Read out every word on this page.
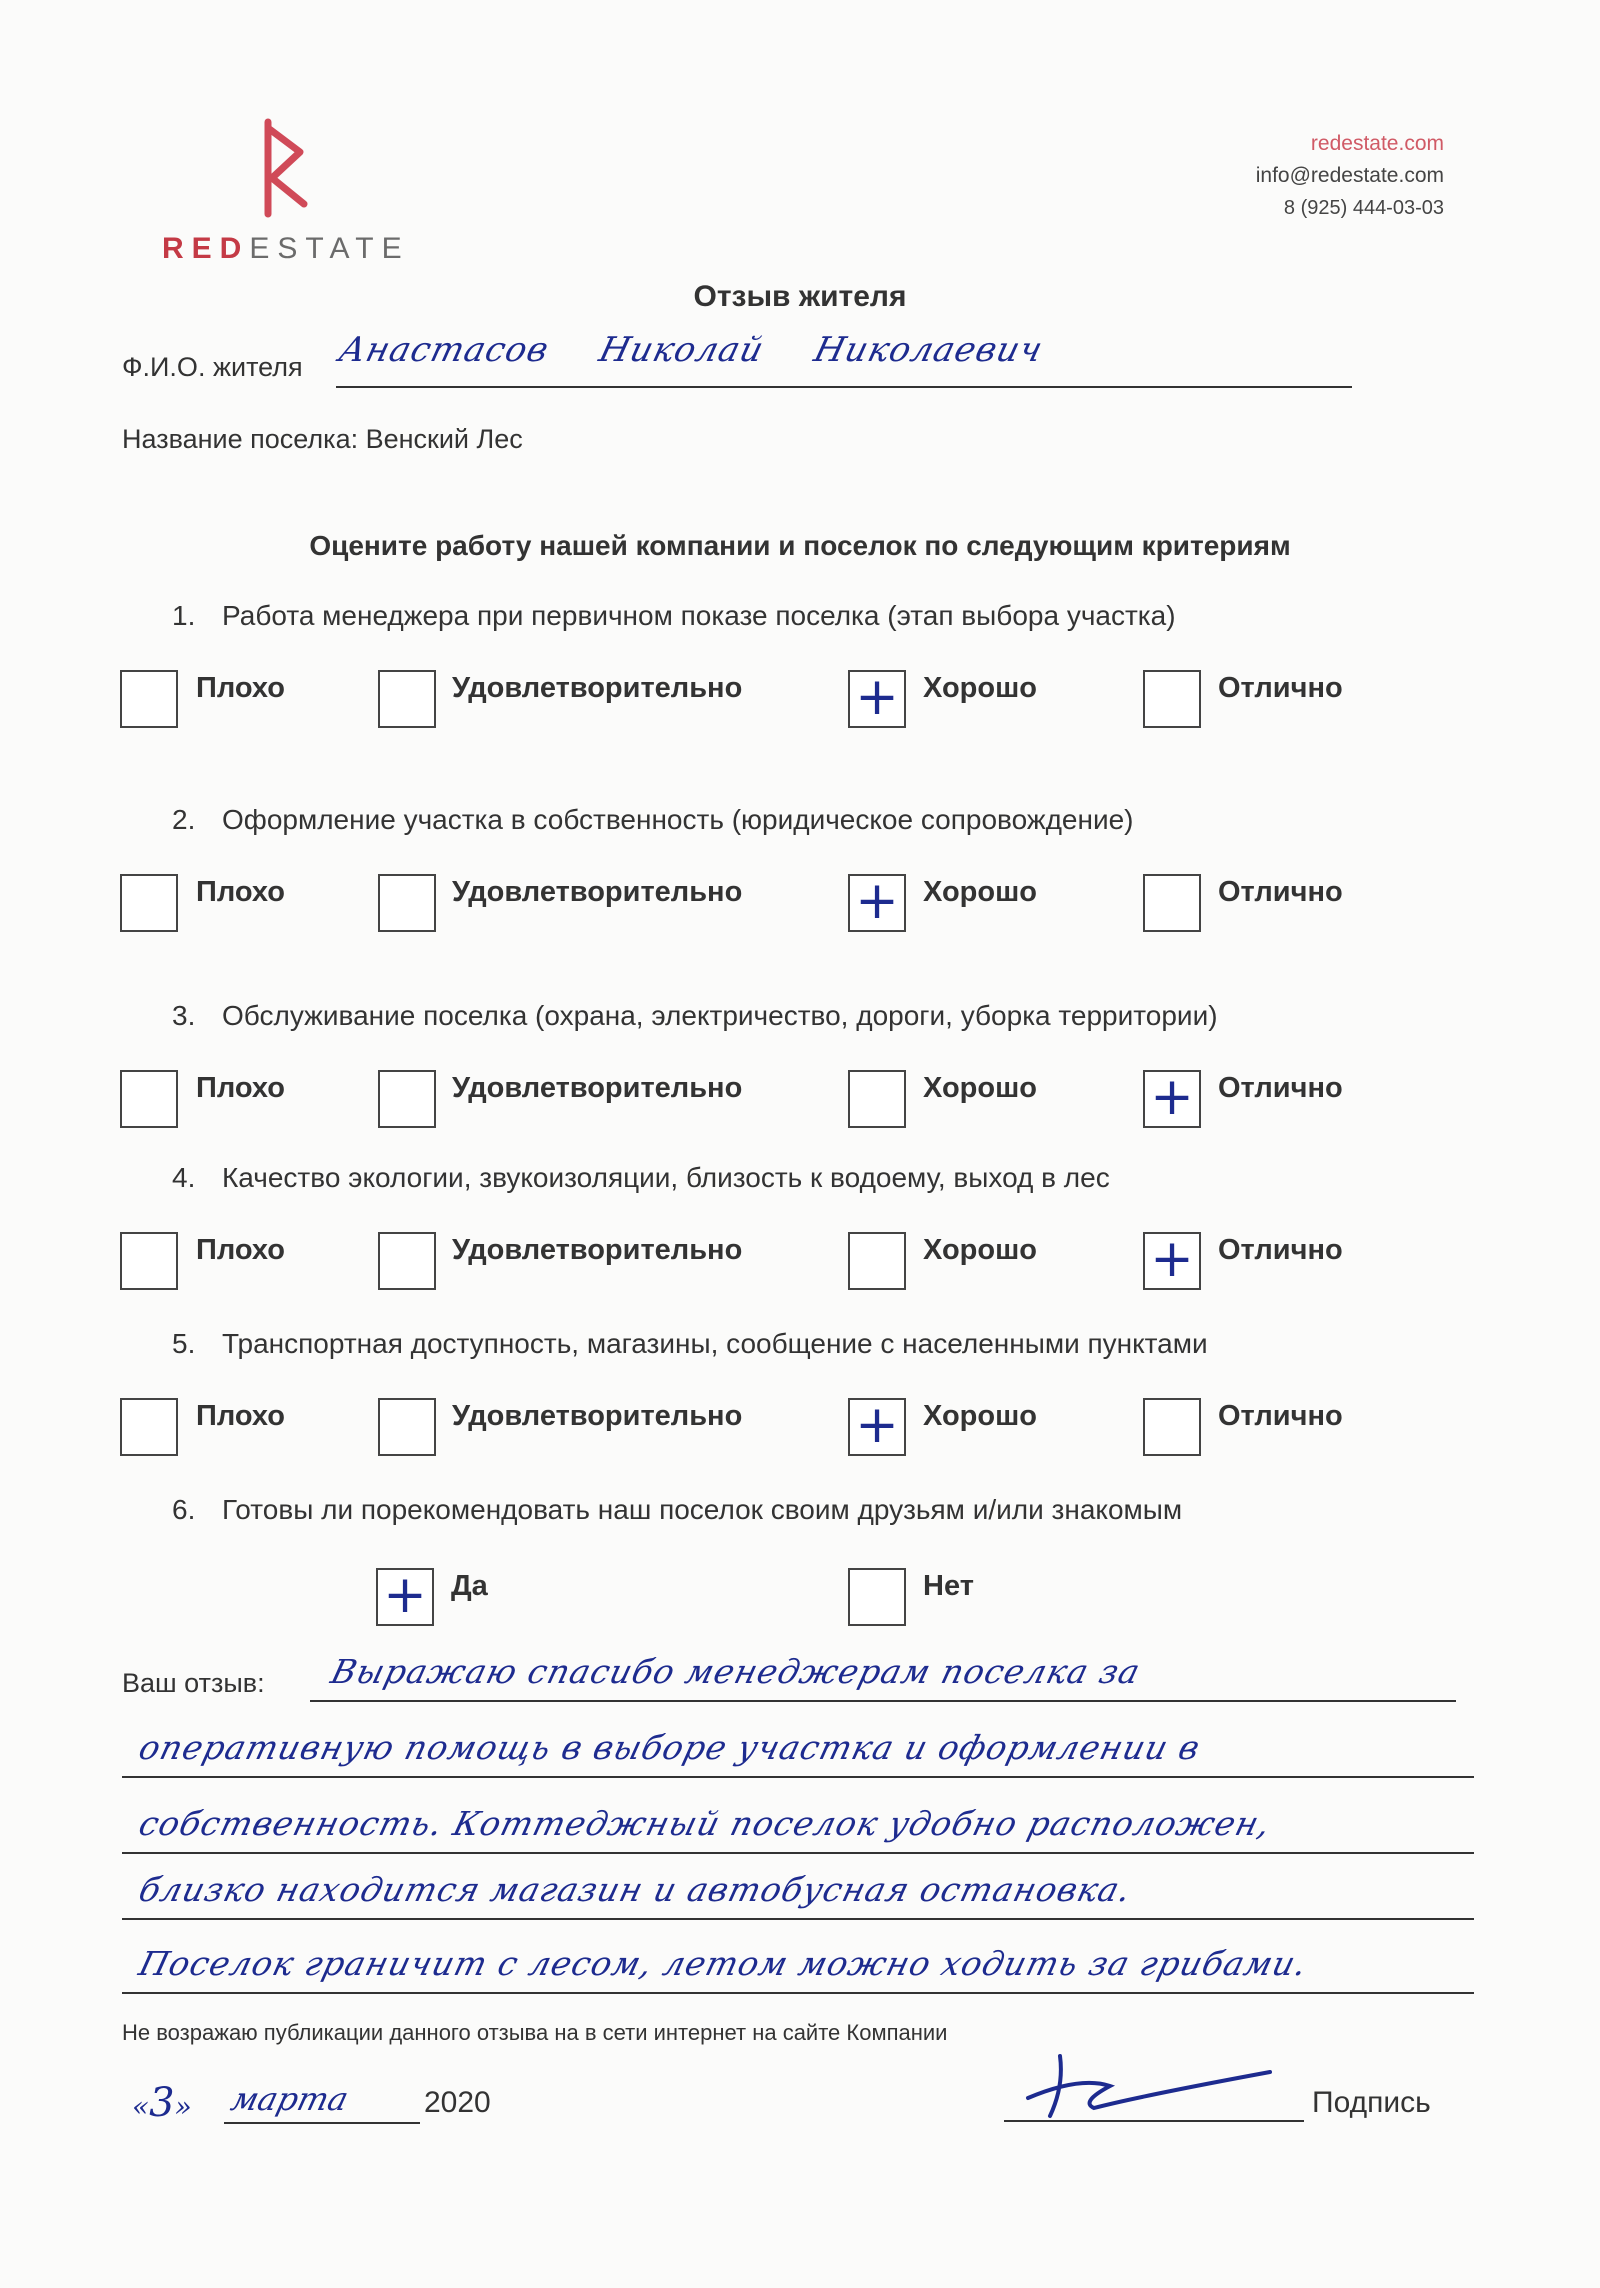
REDESTATE
redestate.com
info@redestate.com
8 (925) 444-03-03
Отзыв жителя
Ф.И.О. жителя Анастасов Николай Николаевич
Название поселка: Венский Лес
Оцените работу нашей компании и поселок по следующим критериям
1. Работа менеджера при первичном показе поселка (этап выбора участка)
Плохо	Удовлетворительно + Хорошо	Отлично
2. Оформление участка в собственность (юридическое сопровождение)
Плохо	Удовлетворительно + Хорошо	Отлично
3. Обслуживание поселка (охрана, электричество, дороги, уборка территории)
Плохо	Удовлетворительно	Хорошо + Отлично
4. Качество экологии, звукоизоляции, близость к водоему, выход в лес
Плохо	Удовлетворительно	Хорошо + Отлично
5. Транспортная доступность, магазины, сообщение с населенными пунктами
Плохо	Удовлетворительно + Хорошо	Отлично
6. Готовы ли порекомендовать наш поселок своим друзьям и/или знакомым
+ Да	Нет
Ваш отзыв: Выражаю спасибо менеджерам поселка за
оперативную помощь в выборе участка и оформлении в
собственность. Коттеджный поселок удобно расположен,
близко находится магазин и автобусная остановка.
Поселок граничит с лесом, летом можно ходить за грибами.
Не возражаю публикации данного отзыва на в сети интернет на сайте Компании
«3» марта 2020	Подпись
